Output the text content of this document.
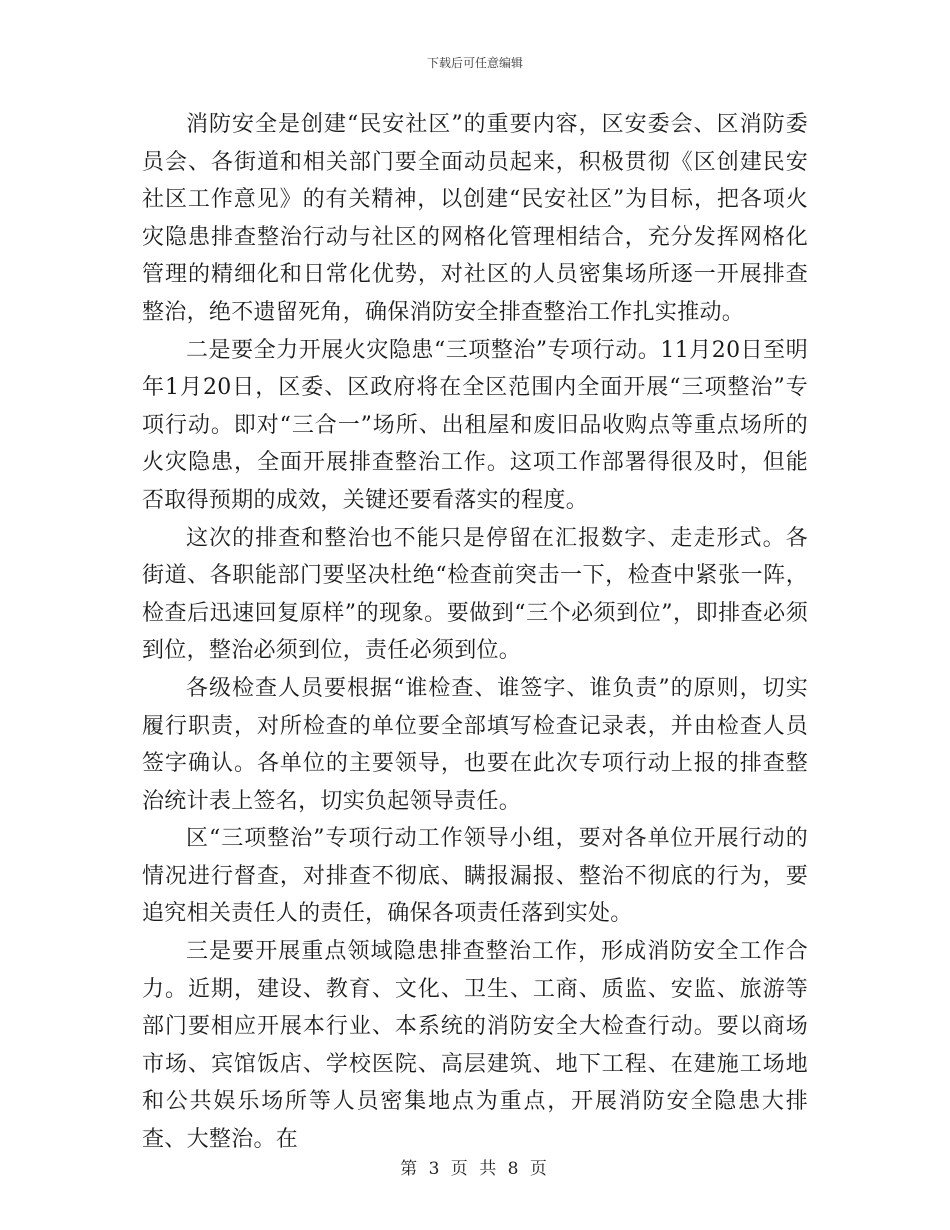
下载后可任意编辑

消防安全是创建“民安社区”的重要内容，区安委会、区消防委员会、各街道和相关部门要全面动员起来，积极贯彻《区创建民安社区工作意见》的有关精神，以创建“民安社区”为目标，把各项火灾隐患排查整治行动与社区的网格化管理相结合，充分发挥网格化管理的精细化和日常化优势，对社区的人员密集场所逐一开展排查整治，绝不遗留死角，确保消防安全排查整治工作扎实推动。

二是要全力开展火灾隐患“三项整治”专项行动。11月20日至明年1月20日，区委、区政府将在全区范围内全面开展“三项整治”专项行动。即对“三合一”场所、出租屋和废旧品收购点等重点场所的火灾隐患，全面开展排查整治工作。这项工作部署得很及时，但能否取得预期的成效，关键还要看落实的程度。

这次的排查和整治也不能只是停留在汇报数字、走走形式。各街道、各职能部门要坚决杜绝“检查前突击一下，检查中紧张一阵，检查后迅速回复原样”的现象。要做到“三个必须到位”，即排查必须到位，整治必须到位，责任必须到位。

各级检查人员要根据“谁检查、谁签字、谁负责”的原则，切实履行职责，对所检查的单位要全部填写检查记录表，并由检查人员签字确认。各单位的主要领导，也要在此次专项行动上报的排查整治统计表上签名，切实负起领导责任。

区“三项整治”专项行动工作领导小组，要对各单位开展行动的情况进行督查，对排查不彻底、瞒报漏报、整治不彻底的行为，要追究相关责任人的责任，确保各项责任落到实处。

三是要开展重点领域隐患排查整治工作，形成消防安全工作合力。近期，建设、教育、文化、卫生、工商、质监、安监、旅游等部门要相应开展本行业、本系统的消防安全大检查行动。要以商场市场、宾馆饭店、学校医院、高层建筑、地下工程、在建施工场地和公共娱乐场所等人员密集地点为重点，开展消防安全隐患大排查、大整治。在

第 3 页 共 8 页
